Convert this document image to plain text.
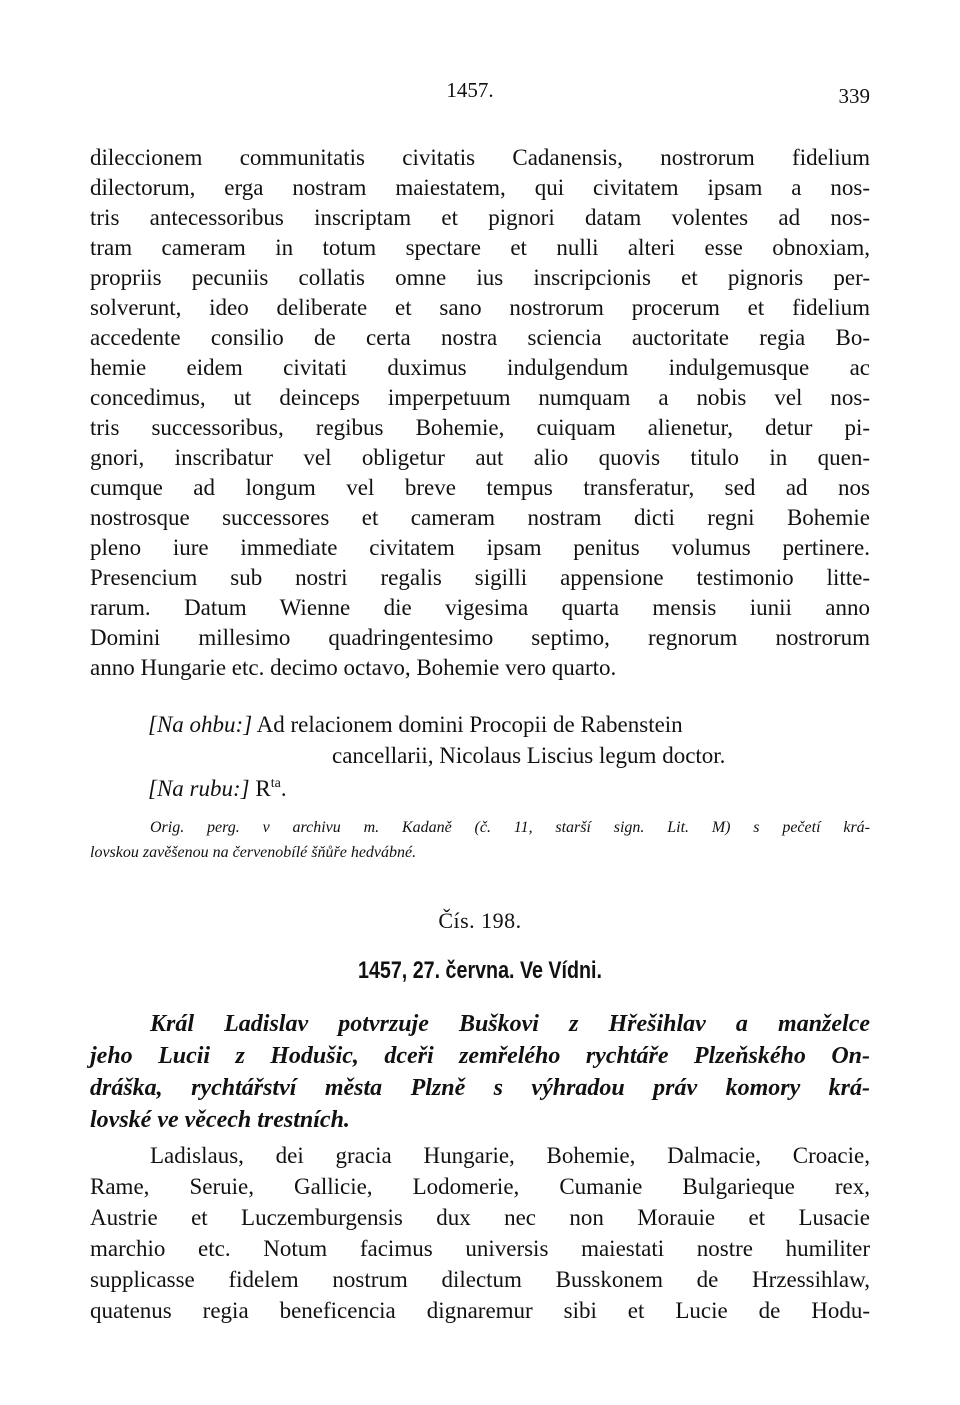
1457.	339
dileccionem communitatis civitatis Cadanensis, nostrorum fidelium
dilectorum, erga nostram maiestatem, qui civitatem ipsam a nos-
tris antecessoribus inscriptam et pignori datam volentes ad nos-
tram cameram in totum spectare et nulli alteri esse obnoxiam,
propriis pecuniis collatis omne ius inscripcionis et pignoris per-
solverunt, ideo deliberate et sano nostrorum procerum et fidelium
accedente consilio de certa nostra sciencia auctoritate regia Bo-
hemie eidem civitati duximus indulgendum indulgemusque ac
concedimus, ut deinceps imperpetuum numquam a nobis vel nos-
tris successoribus, regibus Bohemie, cuiquam alienetur, detur pi-
gnori, inscribatur vel obligetur aut alio quovis titulo in quen-
cumque ad longum vel breve tempus transferatur, sed ad nos
nostrosque successores et cameram nostram dicti regni Bohemie
pleno iure immediate civitatem ipsam penitus volumus pertinere.
Presencium sub nostri regalis sigilli appensione testimonio litte-
rarum. Datum Wienne die vigesima quarta mensis iunii anno
Domini millesimo quadringentesimo septimo, regnorum nostrorum
anno Hungarie etc. decimo octavo, Bohemie vero quarto.
[Na ohbu:] Ad relacionem domini Procopii de Rabenstein
cancellarii, Nicolaus Liscius legum doctor.
[Na rubu:] $R^{ta}$.
Orig. perg. v archivu m. Kadaně (č. 11, starší sign. Lit. M) s pečetí krá-
lovskou zavěšenou na červenobílé šňůře hedvábné.
Čís. 198.
1457, 27. června. Ve Vídni.
Král Ladislav potvrzuje Buškovi z Hřešihlav a manželce
jeho Lucii z Hodušic, dceři zemřelého rychtáře Plzeňského On-
dráška, rychtářství města Plzně s výhradou práv komory krá-
lovské ve věcech trestních.
Ladislaus, dei gracia Hungarie, Bohemie, Dalmacie, Croacie,
Rame, Seruie, Gallicie, Lodomerie, Cumanie Bulgarieque rex,
Austrie et Luczemburgensis dux nec non Morauie et Lusacie
marchio etc. Notum facimus universis maiestati nostre humiliter
supplicasse fidelem nostrum dilectum Busskonem de Hrzessihlaw,
quatenus regia beneficencia dignaremur sibi et Lucie de Hodu-
